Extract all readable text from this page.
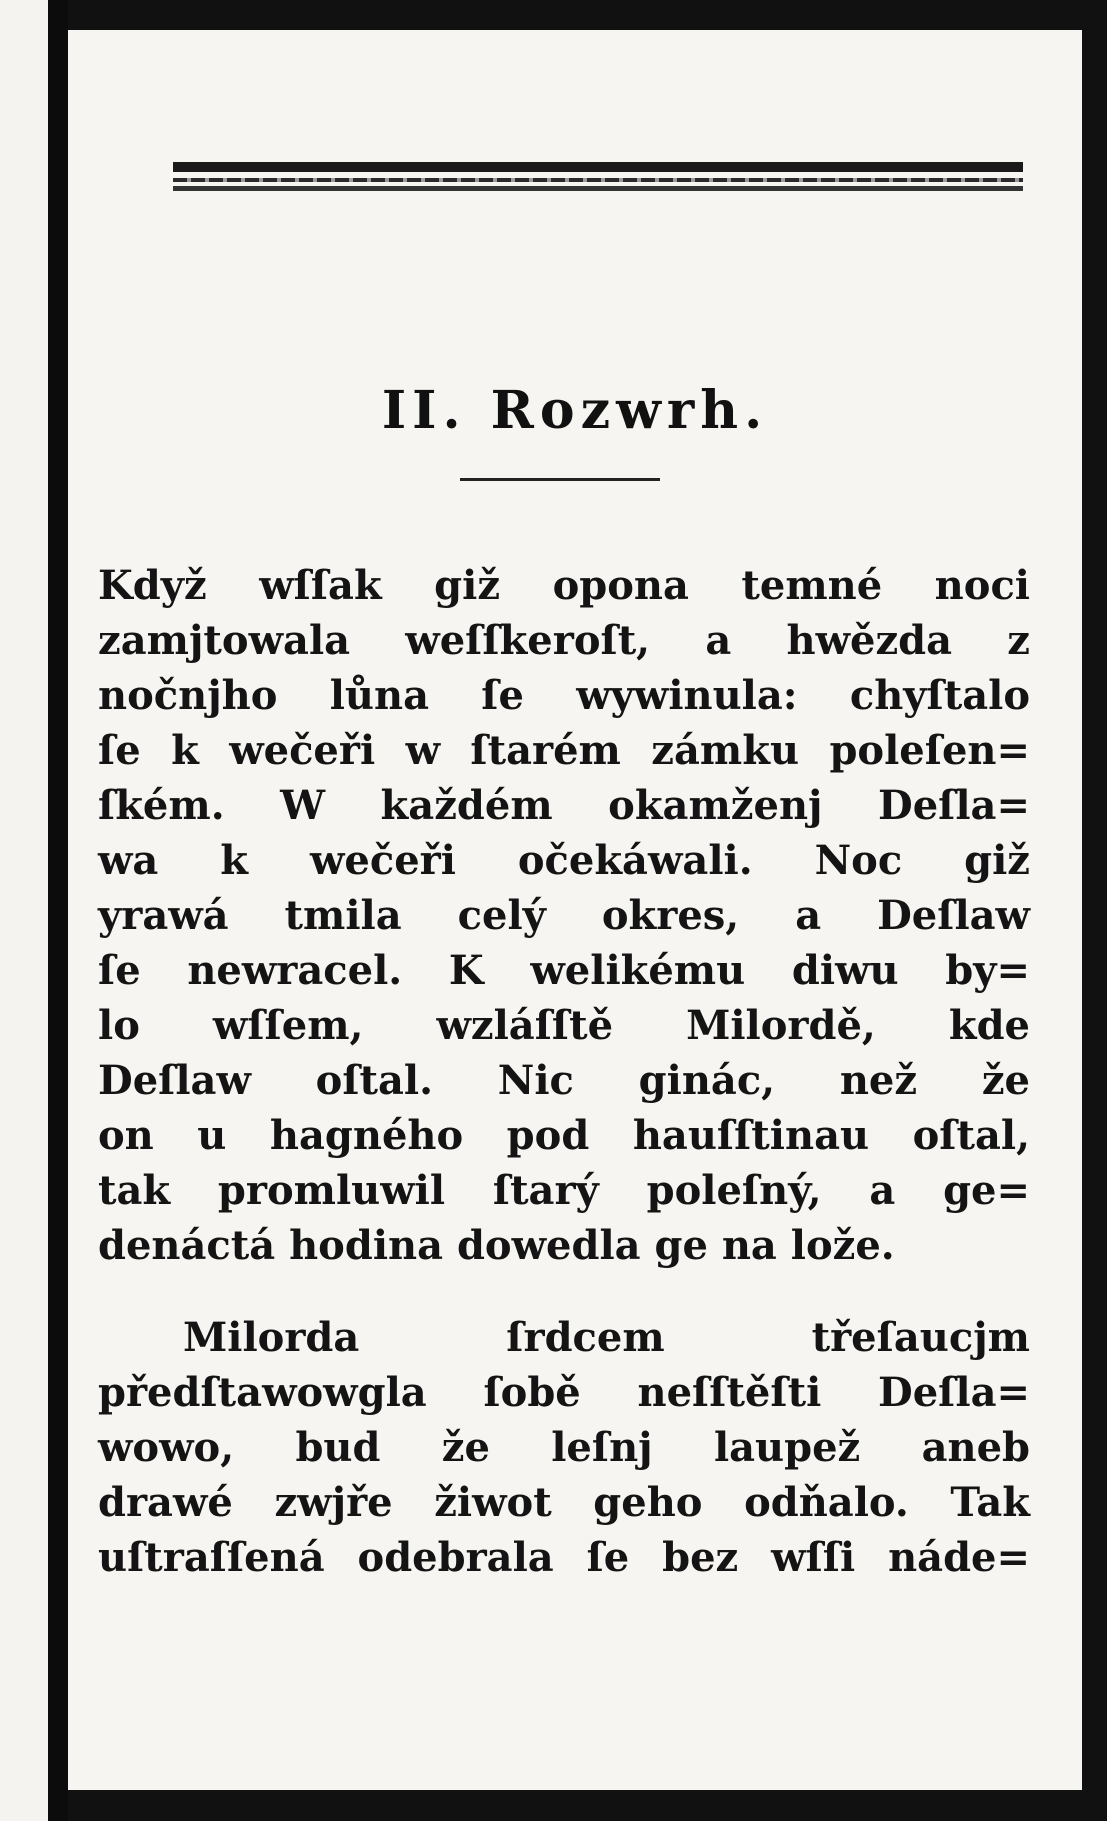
II. Rozwrh.
Když wſſak giž opona temné noci
zamjtowala weſſkeroſt, a hwězda z
nočnjho lůna ſe wywinula: chyſtalo
ſe k wečeři w ſtarém zámku poleſen=
ſkém. W každém okamženj Deſla=
wa k wečeři očekáwali. Noc giž
yrawá tmila celý okres, a Deſlaw
ſe newracel. K welikému diwu by=
lo wſſem, wzláſſtě Milordě, kde
Deſlaw oſtal. Nic ginác, než že
on u hagného pod hauſſtinau oſtal,
tak promluwil ſtarý poleſný, a ge=
denáctá hodina dowedla ge na lože.
Milorda ſrdcem třeſaucjm
předſtawowgla ſobě neſſtěſti Deſla=
wowo, bud že leſnj laupež aneb
drawé zwjře žiwot geho odňalo. Tak
uſtraſſená odebrala ſe bez wſſi náde=
